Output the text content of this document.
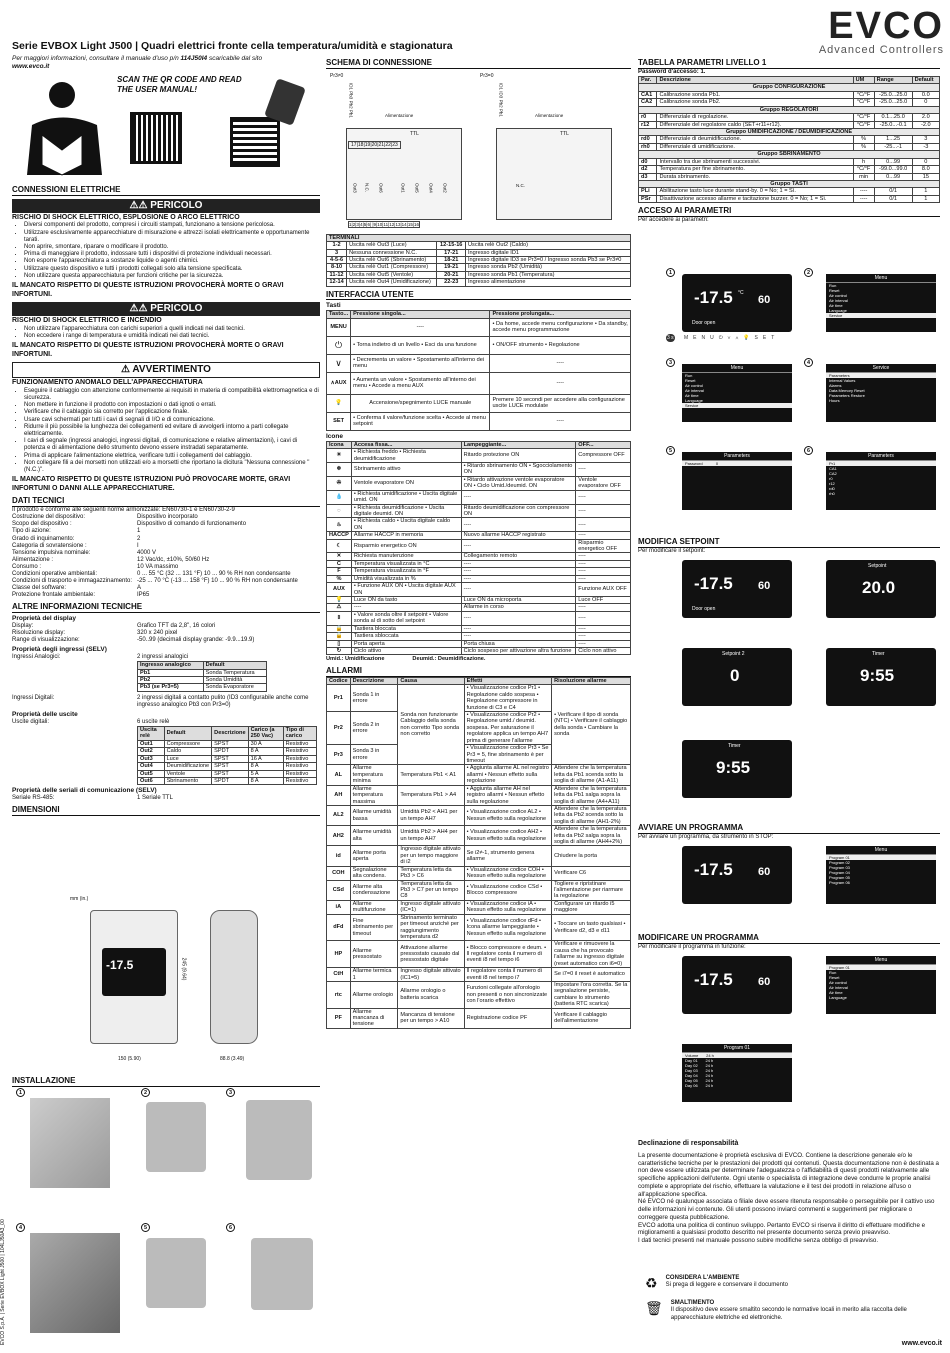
EVCO
Advanced Controllers
Serie EVBOX Light J500 | Quadri elettrici fronte cella temperatura/umidità e stagionatura
Per maggiori informazioni, consultare il manuale d'uso p/n 114J50I4 scaricabile dal sito
www.evco.it
SCAN THE QR CODE AND READ THE USER MANUAL!
CONNESSIONI ELETTRICHE
⚠⚠ PERICOLO
RISCHIO DI SHOCK ELETTRICO, ESPLOSIONE O ARCO ELETTRICO
• Diversi componenti del prodotto, compresi i circuiti stampati, funzionano a tensione pericolosa.
• Utilizzare esclusivamente apparecchiature di misurazione e attrezzi isolati elettricamente e opportunamente tarati.
• Non aprire, smontare, riparare o modificare il prodotto.
• Prima di maneggiare il prodotto, indossare tutti i dispositivi di protezione individuali necessari.
• Non esporre l'apparecchiatura a sostanze liquide o agenti chimici.
• Utilizzare questo dispositivo e tutti i prodotti collegati solo alla tensione specificata.
• Non utilizzare questa apparecchiatura per funzioni critiche per la sicurezza.
IL MANCATO RISPETTO DI QUESTE ISTRUZIONI PROVOCHERÀ MORTE O GRAVI INFORTUNI.
⚠⚠ PERICOLO
RISCHIO DI SHOCK ELETTRICO E INCENDIO
• Non utilizzare l'apparecchiatura con carichi superiori a quelli indicati nei dati tecnici.
• Non eccedere i range di temperatura e umidità indicati nei dati tecnici.
IL MANCATO RISPETTO DI QUESTE ISTRUZIONI PROVOCHERÀ MORTE O GRAVI INFORTUNI.
⚠ AVVERTIMENTO
FUNZIONAMENTO ANOMALO DELL'APPARECCHIATURA
• Eseguire il cablaggio con attenzione conformemente ai requisiti in materia di compatibilità elettromagnetica e di sicurezza.
• Non mettere in funzione il prodotto con impostazioni o dati ignoti o errati.
• Verificare che il cablaggio sia corretto per l'applicazione finale.
• Usare cavi schermati per tutti i cavi di segnali di I/O e di comunicazione.
• Ridurre il più possibile la lunghezza dei collegamenti ed evitare di avvolgerli intorno a parti collegate elettricamente.
• I cavi di segnale (ingressi analogici, ingressi digitali, di comunicazione e relative alimentazioni), i cavi di potenza e di alimentazione dello strumento devono essere instradati separatamente.
• Prima di applicare l'alimentazione elettrica, verificare tutti i collegamenti del cablaggio.
• Non collegare fili a dei morsetti non utilizzati e/o a morsetti che riportano la dicitura "Nessuna connessione "(N.C.)".
IL MANCATO RISPETTO DI QUESTE ISTRUZIONI PUÒ PROVOCARE MORTE, GRAVI INFORTUNI O DANNI ALLE APPARECCHIATURE.
DATI TECNICI
Il prodotto è conforme alle seguenti norme armonizzate: EN60730-1 e EN60730-2-9
Costruzione del dispositivo:	Dispositivo incorporato
Scopo del dispositivo :	Dispositivo di comando di funzionamento
Tipo di azione:	1
Grado di inquinamento:	2
Categoria di sovratensione :	I
Tensione impulsiva nominale:	4000 V
Alimentazione :	12 Vac/dc, ±10%, 50/60 Hz
Consumo :	10 VA massimo
Condizioni operative ambientali:	0 ... 55 °C (32 ... 131 °F) 10 ... 90 % RH non condensante
Condizioni di trasporto e immagazzinamento: -25 ... 70 °C (-13 ... 158 °F) 10 ... 90 % RH non condensante
Classe del software:	A
Protezione frontale ambientale:	IP65
ALTRE INFORMAZIONI TECNICHE
Proprietà del display
Display:	Grafico TFT da 2,8", 16 colori
Risoluzione display:	320 x 240 pixel
Range di visualizzazione:	-50..99 (decimali display grande: -9.9...19.9)
Proprietà degli ingressi (SELV)
Ingressi Analogici:	2 ingressi analogici
Ingresso analogico	Default
Pb1	Sonda Temperatura
Pb2	Sonda Umidità
Pb3 (se Pr3=5)	Sonda Evaporatore
Ingressi Digitali:	2 ingressi digitali a contatto pulito (ID3 configurabile anche come ingresso analogico Pb3 con Pr3=0)
Proprietà delle uscite
Uscite digitali:	6 uscite relè
Uscita relè	Default	Descrizione	Carico (a 250 Vac)	Tipo di carico
Out1	Compressore	SPST	30 A	Resistivo
Out2	Caldo	SPDT	8 A	Resistivo
Out3	Luce	SPST	16 A	Resistivo
Out4	Deumidificazione	SPST	8 A	Resistivo
Out5	Ventole	SPST	5 A	Resistivo
Out6	Sbrinamento	SPDT	8 A	Resistivo
Proprietà delle seriali di comunicazione (SELV)
Seriale RS-485:	1 Seriale TTL
DIMENSIONI
mm (in.)
-17.5	245 (9.64)
150 (5.90)	88.8 (3.49)
INSTALLAZIONE
1	2	3
4	5	6
EVCO S.p.A. | Serie EVBOX Light J500 | 104LJ50A3_00
SCHEMA DI CONNESSIONE
Pr3≠0
ID1 Pb3 Pb2 Pb1	Alimentazione
TTL
17|18|19|20|21|22|23
Out3 N.C. Out6	Out1 Out5 Out4 Out2
1|2|3|4|5|6| |9|10|11|12|13|14|15|16
Pr3=0
ID1 ID3 Pb2 Pb1	Alimentazione
TTL
N.C.
TERMINALI			
1-2	Uscita relè Out3 (Luce)	12-15-16	Uscita relè Out2 (Caldo)
3	Nessuna connessione N.C.	17-21	Ingresso digitale ID1
4-5-6	Uscita relè Out6 (Sbrinamento)	18-21	Ingresso digitale ID3 se Pr3=0 / Ingresso sonda Pb3 se Pr3≠0
8-10	Uscita relè Out1 (Compressore)	19-21	Ingresso sonda Pb2 (Umidità)
11-12	Uscita relè Out5 (Ventole)	20-21	Ingresso sonda Pb1 (Temperatura)
12-14	Uscita relè Out4 (Umidificazione)	22-23	Ingresso alimentazione
INTERFACCIA UTENTE
Tasti
Tasto...	Pressione singola...	Pressione prolungata...
MENU	----	• Da home, accede menu configurazione • Da standby, accede menu programmazione
⏻	• Torna indietro di un livello • Esci da una funzione	• ON/OFF strumento • Regolazione
∨	• Decrementa un valore • Spostamento all'interno dei menu	----
∧AUX	• Aumenta un valore • Spostamento all'interno dei menu • Accede a menu AUX	----
💡	Accensione/spegnimento LUCE manuale	Premere 10 secondi per accedere alla configurazione uscite LUCE modulate
SET	• Conferma il valore/funzione scelta • Accede al menu setpoint	----
Icone
Icona	Accesa fissa...	Lampeggiante...	OFF...
✳	• Richiesta freddo • Richiesta deumidificazione	Ritardo protezione ON	Compressore OFF
❄	Sbrinamento attivo	• Ritardo sbrinamento ON • Sgocciolamento ON	----
✇	Ventole evaporatore ON	• Ritardo attivazione ventole evaporatore ON • Ciclo Umid./deumid. ON	Ventole evaporatore OFF
💧	• Richiesta umidificazione • Uscita digitale umid. ON	----	----
◌	• Richiesta deumidificazione • Uscita digitale deumid. ON	Ritardo deumidificazione con compressore ON	----
♨	• Richiesta caldo • Uscita digitale caldo ON	----	----
HACCP	Allarme HACCP in memoria	Nuovo allarme HACCP registrato	----
☾	Risparmio energetico ON	----	Risparmio energetico OFF
✕	Richiesta manutenzione	Collegamento remoto	----
C	Temperatura visualizzata in °C	----	----
F	Temperatura visualizzata in °F	----	----
%	Umidità visualizzata in %	----	----
AUX	• Funzione AUX ON • Uscita digitale AUX ON	----	Funzione AUX OFF
💡	Luce ON da tasto	Luce ON da microporta	Luce OFF
⚠	----	Allarme in corso	----
⇕	• Valore sonda oltre il setpoint • Valore sonda al di sotto del setpoint	----	----
🔒	Tastiera bloccata	----	----
🔓	Tastiera sbloccata	----	----
▯	Porta aperta	Porta chiusa	----
↻	Ciclo attivo	Ciclo sospeso per attivazione altra funzione	Ciclo non attivo
Umid.: Umidificazione	Deumid.: Deumidificazione.
ALLARMI
Codice	Descrizione	Causa	Effetti	Risoluzione allarme
Pr1	Sonda 1 in errore	Sonda non funzionante Cablaggio della sonda non corretto Tipo sonda non corretto	• Visualizzazione codice Pr1 • Regolazione caldo sospesa • Regolazione compressore in funzione di C3 e C4	• Verificare il tipo di sonda (NTC) • Verificare il cablaggio della sonda • Cambiare la sonda
Pr2	Sonda 2 in errore		• Visualizzazione codice Pr2 • Regolazione umid./ deumid. sospesa. Per saturazione il regolatore applica un tempo AH7 prima di generare l'allarme	
Pr3	Sonda 3 in errore		• Visualizzazione codice Pr3 • Se Pr3 = 5, fine sbrinamento è per timeout	
AL	Allarme temperatura minima	Temperatura Pb1 < A1	• Aggiunta allarme AL nel registro allarmi • Nessun effetto sulla regolazione	Attendere che la temperatura letta da Pb1 scenda sotto la soglia di allarme (A1-A11)
AH	Allarme temperatura massima	Temperatura Pb1 > A4	• Aggiunta allarme AH nel registro allarmi • Nessun effetto sulla regolazione	Attendere che la temperatura letta da Pb1 salga sopra la soglia di allarme (A4+A11)
AL2	Allarme umidità bassa	Umidità Pb2 < AH1 per un tempo AH7	• Visualizzazione codice AL2 • Nessun effetto sulla regolazione	Attendere che la temperatura letta da Pb2 scenda sotto la soglia di allarme (AH1-2%)
AH2	Allarme umidità alta	Umidità Pb2 > AH4 per un tempo AH7	• Visualizzazione codice AH2 • Nessun effetto sulla regolazione	Attendere che la temperatura letta da Pb2 salga sopra la soglia di allarme (AH4+2%)
id	Allarme porta aperta	Ingresso digitale attivato per un tempo maggiore di i2	Se i2≠-1, strumento genera allarme	Chiudere la porta
COH	Segnalazione alta condens.	Temperatura letta da Pb3 > C6	• Visualizzazione codice COH • Nessun effetto sulla regolazione	Verificare C6
CSd	Allarme alta condensazione	Temperatura letta da Pb3 > C7 per un tempo C8	• Visualizzazione codice CSd • Blocco compressore	Togliere e ripristinare l'alimentazione per riarmare la regolazione
iA	Allarme multifunzione	Ingresso digitale attivato (IC=1)	• Visualizzazione codice iA • Nessun effetto sulla regolazione	Configurare un ritardo i5 maggiore
dFd	Fine sbrinamento per timeout	Sbrinamento terminato per timeout anziché per raggiungimento temperatura d2	• Visualizzazione codice dFd • Icona allarme lampeggiante • Nessun effetto sulla regolazione	• Toccare un tasto qualsiasi • Verificare d2, d3 e d11
HP	Allarme pressostato	Attivazione allarme pressostato causato dal pressostato digitale	• Blocco compressore e deum. • Il regolatore conta il numero di eventi i8 nel tempo i6	Verificare e rimuovere la causa che ha provocato l'allarme su ingresso digitale (reset automatico con i6=0)
CtH	Allarme termica 1	Ingresso digitale attivato (IC1=5)	Il regolatore conta il numero di eventi i8 nel tempo i7	Se i7=0 il reset è automatico
rtc	Allarme orologio	Allarme orologio o batteria scarica	Funzioni collegate all'orologio non presenti o non sincronizzate con l'orario effettivo	Impostare l'ora corretta. Se la segnalazione persiste, cambiare lo strumento (batteria RTC scarica)
PF	Allarme mancanza di tensione	Mancanza di tensione per un tempo > A10	Registrazione codice PF	Verificare il cablaggio dell'alimentazione
TABELLA PARAMETRI LIVELLO 1
Password d'accesso: 1.
Par.	Descrizione	UM	Range	Default
Gruppo CONFIGURAZIONE				
CA1	Calibrazione sonda Pb1.	°C/°F	-25.0...25.0	0.0
CA2	Calibrazione sonda Pb2.	°C/°F	-25.0...25.0	0
Gruppo REGOLATORI				
r0	Differenziale di regolazione.	°C/°F	0.1...25.0	2.0
r12	Differenziale del regolatore caldo (SET+r11+r12).	°C/°F	-25.0...-0.1	-2.0
Gruppo UMIDIFICAZIONE / DEUMIDIFICAZIONE				
rd0	Differenziale di deumidificazione.	%	1...25	3
rh0	Differenziale di umidificazione.	%	-25...-1	-3
Gruppo SBRINAMENTO				
d0	Intervallo tra due sbrinamenti successivi.	h	0...99	0
d2	Temperatura per fine sbrinamento.	°C/°F	-99.0...99.0	8.0
d3	Durata sbrinamento.	min	0...99	15
Gruppo TASTI				
PLi	Abilitazione tasto luce durante stand-by. 0 = No; 1 = Sì.	----	0/1	1
PSr	Disattivazione accesso allarme e tacitazione buzzer. 0 = No; 1 = Sì.	----	0/1	1
ACCESO AI PARAMETRI
Per accedere ai parametri:
1
-17.5 °C
60
Door open
MENU⏻∨∧💡SET
3 s
2
Menu
Run
Reset
Air control
Air interval
Air time
Language
Service
3
Menu
Run
Reset
Air control
Air interval
Air time
Language
Service
4
Service
Parameters
Internal Values
Alarms
Data Memory Reset
Parameters Restore
Hours
5
Parameters
Password	0
6
Parameters
Pr1
CA1
CA2
r0
r12
rd0
rh0
MODIFICA SETPOINT
Per modificare il setpoint:
-17.5 60
Door open
Setpoint
20.0
Setpoint 2
0
Timer
9:55
Timer
9:55
AVVIARE UN PROGRAMMA
Per avviare un programma, da strumento in STOP:
-17.5 60
Menu
Program 01
Program 02
Program 03
Program 04
Program 05
Program 06
MODIFICARE UN PROGRAMMA
Per modificare il programma in funzione:
-17.5 60
Menu
Program 01
Run
Reset
Air control
Air interval
Air time
Language
Program 01
Volume 24 h
Day 01 24 h
Day 02 24 h
Day 03 24 h
Day 04 24 h
Day 05 24 h
Day 06 24 h
Declinazione di responsabilità

La presente documentazione è proprietà esclusiva di EVCO. Contiene la descrizione generale e/o le caratteristiche tecniche per le prestazioni dei prodotti qui contenuti. Questa documentazione non è destinata a non deve essere utilizzata per determinare l'adeguatezza o l'affidabilità di questi prodotti relativamente alle specifiche applicazioni dell'utente. Ogni utente o specialista di integrazione deve condurre le proprie analisi complete e appropriate del rischio, effettuare la valutazione e il test dei prodotti in relazione all'uso o all'applicazione specifica.

Né EVCO né qualunque associata o filiale deve essere ritenuta responsabile o perseguibile per il cattivo uso delle informazioni ivi contenute. Gli utenti possono inviarci commenti e suggerimenti per migliorare o correggere questa pubblicazione.

EVCO adotta una politica di continuo sviluppo. Pertanto EVCO si riserva il diritto di effettuare modifiche e miglioramenti a qualsiasi prodotto descritto nel presente documento senza previo preavviso.

I dati tecnici presenti nel manuale possono subire modifiche senza obbligo di preavviso.

♻	CONSIDERA L'AMBIENTE
Si prega di leggere e conservare il documento
🗑	SMALTIMENTO
Il dispositivo deve essere smaltito secondo le normative locali in merito alla raccolta delle apparecchiature elettriche ed elettroniche.
www.evco.it
